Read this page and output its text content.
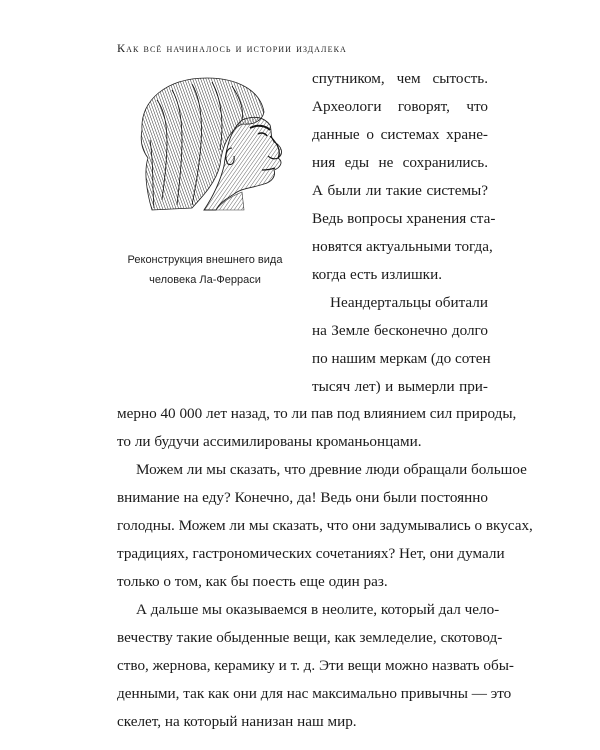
Как всё начиналось и истории издалека
Реконструкция внешнего вида
человека Ла-Ферраси
спутником, чем сытость.
Археологи говорят, что
данные о системах хране-
ния еды не сохранились.
А были ли такие системы?
Ведь вопросы хранения ста-
новятся актуальными тогда,
когда есть излишки.
Неандертальцы обитали
на Земле бесконечно долго
по нашим меркам (до сотен
тысяч лет) и вымерли при-
мерно 40 000 лет назад, то ли пав под влиянием сил природы,
то ли будучи ассимилированы кроманьонцами.
Можем ли мы сказать, что древние люди обращали большое
внимание на еду? Конечно, да! Ведь они были постоянно
голодны. Можем ли мы сказать, что они задумывались о вкусах,
традициях, гастрономических сочетаниях? Нет, они думали
только о том, как бы поесть еще один раз.
А дальше мы оказываемся в неолите, который дал чело-
вечеству такие обыденные вещи, как земледелие, скотовод-
ство, жернова, керамику и т. д. Эти вещи можно назвать обы-
денными, так как они для нас максимально привычны — это
скелет, на который нанизан наш мир.
